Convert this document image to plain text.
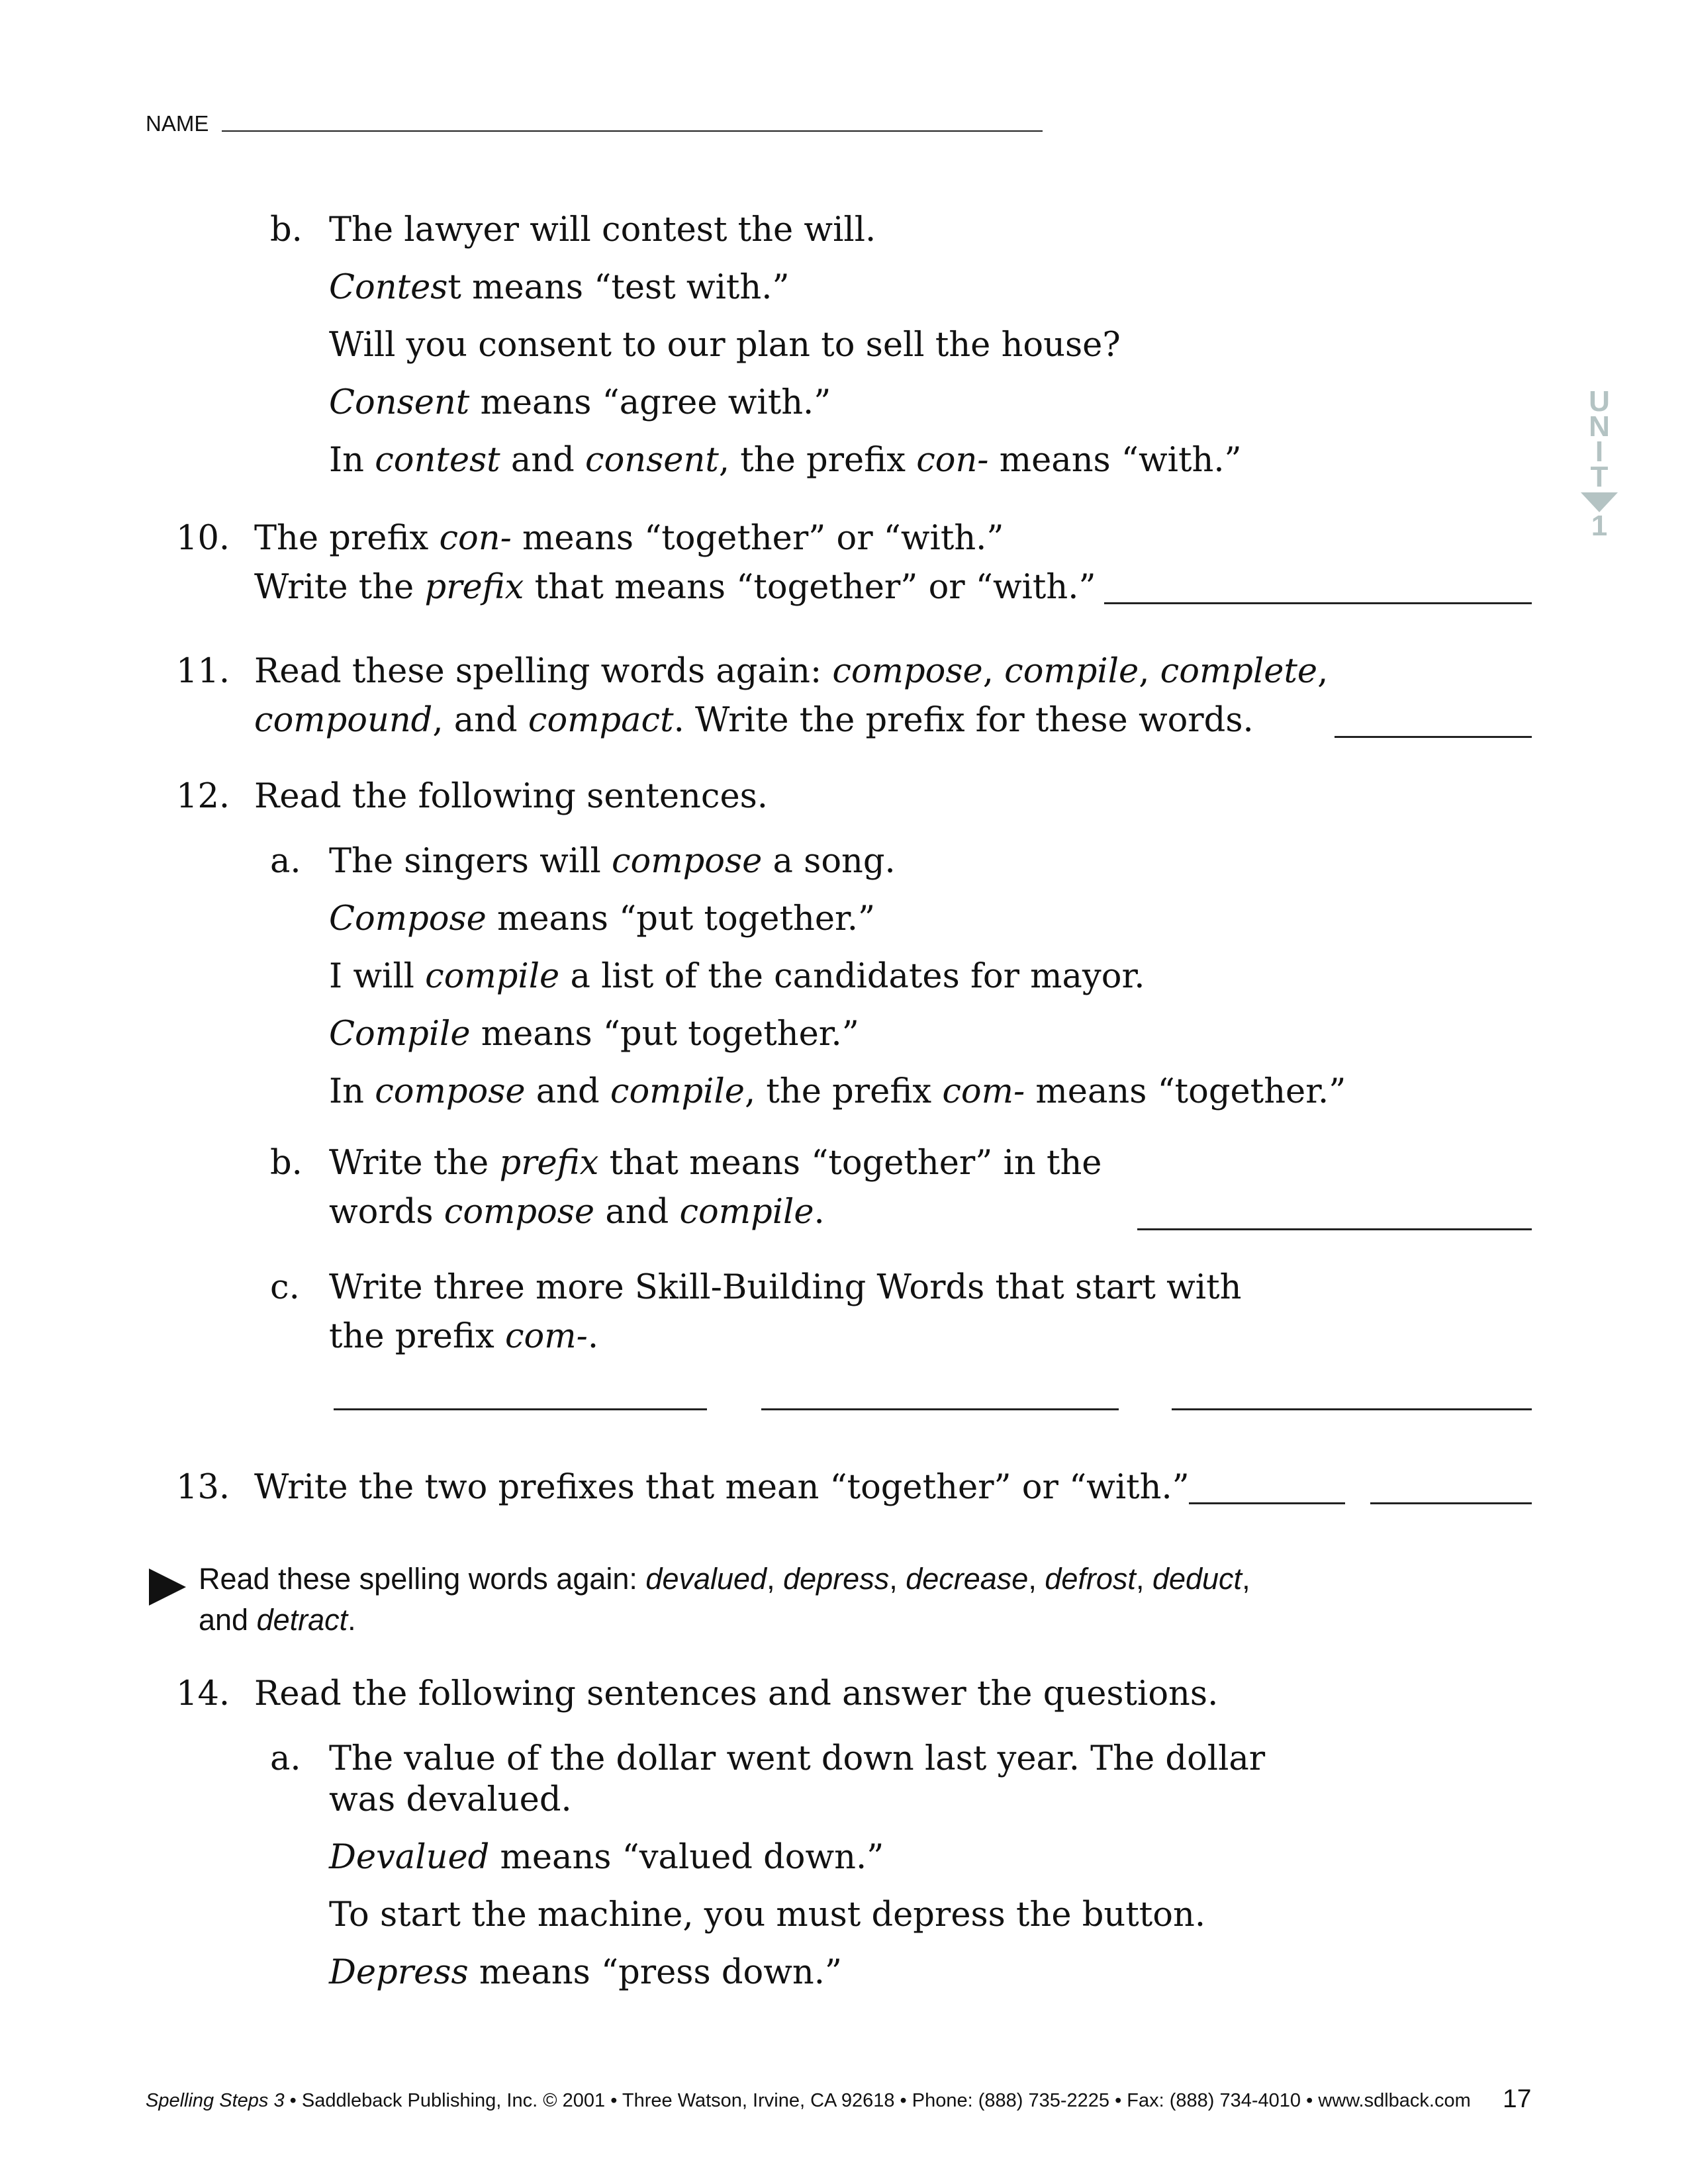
NAME
U
N
I
T
1
b. The lawyer will contest the will.
Contest means “test with.”
Will you consent to our plan to sell the house?
Consent means “agree with.”
In contest and consent, the prefix con- means “with.”
10. The prefix con- means “together” or “with.”
Write the prefix that means “together” or “with.”
11. Read these spelling words again: compose, compile, complete,
compound, and compact. Write the prefix for these words.
12. Read the following sentences.
a. The singers will compose a song.
Compose means “put together.”
I will compile a list of the candidates for mayor.
Compile means “put together.”
In compose and compile, the prefix com- means “together.”
b. Write the prefix that means “together” in the
words compose and compile.
c. Write three more Skill-Building Words that start with
the prefix com-.
13. Write the two prefixes that mean “together” or “with.”
Read these spelling words again: devalued, depress, decrease, defrost, deduct,
and detract.
14. Read the following sentences and answer the questions.
a. The value of the dollar went down last year. The dollar
was devalued.
Devalued means “valued down.”
To start the machine, you must depress the button.
Depress means “press down.”
Spelling Steps 3 • Saddleback Publishing, Inc. © 2001 • Three Watson, Irvine, CA 92618 • Phone: (888) 735-2225 • Fax: (888) 734-4010 • www.sdlback.com 17
